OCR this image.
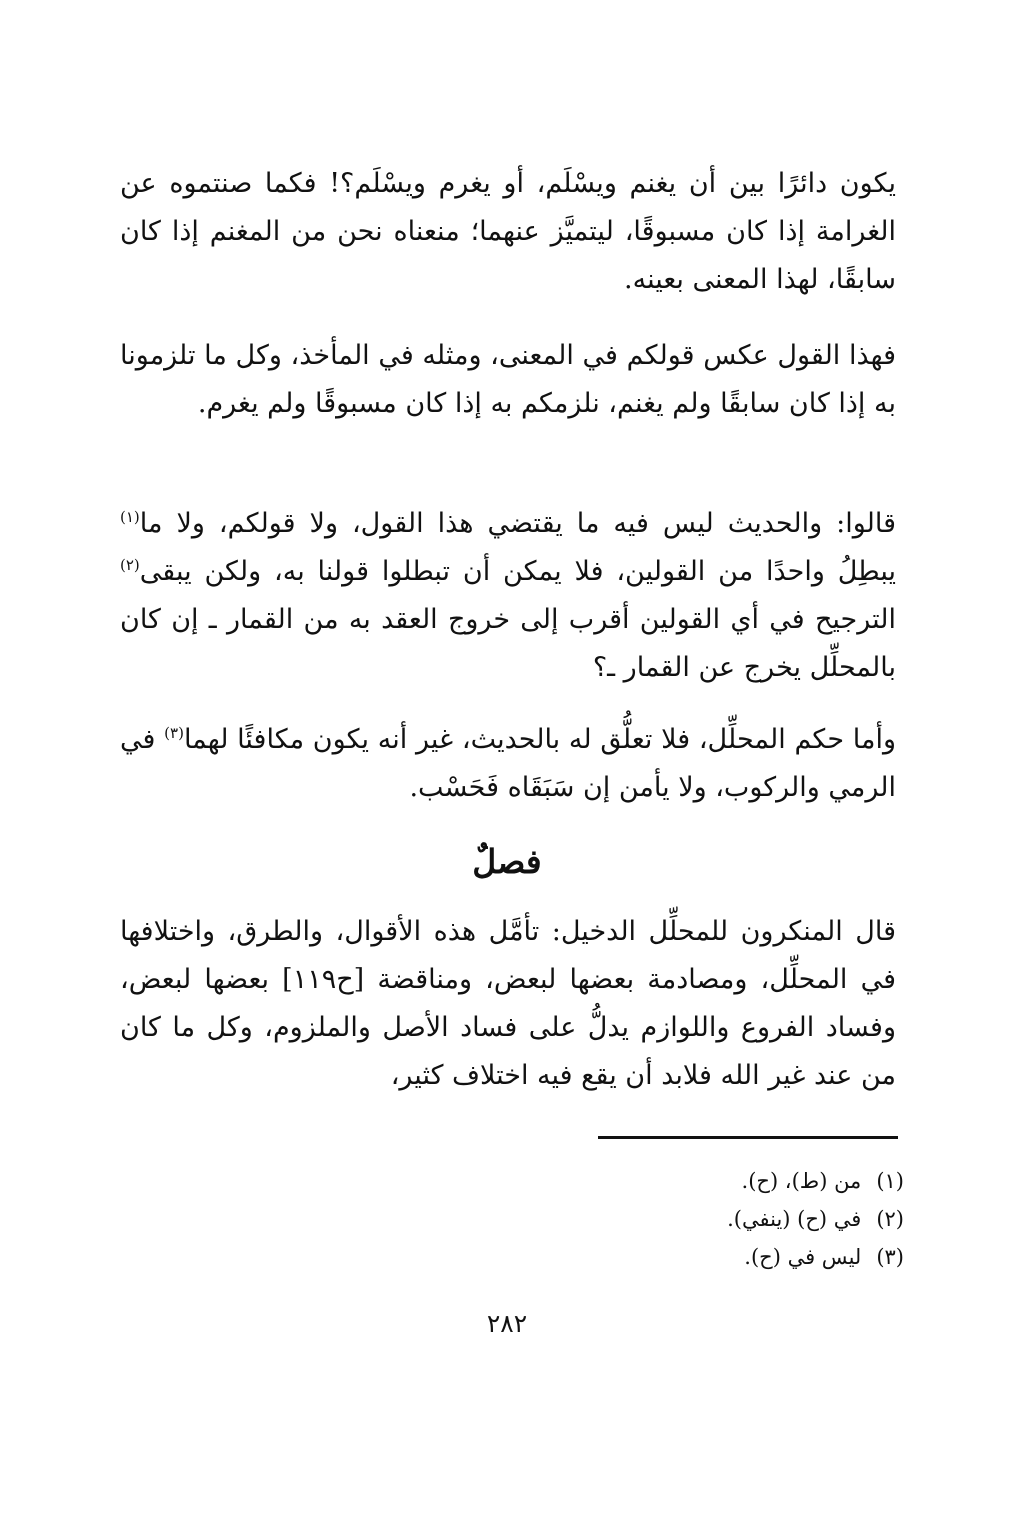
يكون دائرًا بين أن يغنم ويسْلَم، أو يغرم ويسْلَم؟! فكما صنتموه عن الغرامة إذا كان مسبوقًا، ليتميَّز عنهما؛ منعناه نحن من المغنم إذا كان سابقًا، لهذا المعنى بعينه.

فهذا القول عكس قولكم في المعنى، ومثله في المأخذ، وكل ما تلزمونا به إذا كان سابقًا ولم يغنم، نلزمكم به إذا كان مسبوقًا ولم يغرم.

قالوا: والحديث ليس فيه ما يقتضي هذا القول، ولا قولكم، ولا ما$^{(١)}$ يبطِلُ واحدًا من القولين، فلا يمكن أن تبطلوا قولنا به، ولكن يبقى$^{(٢)}$ الترجيح في أي القولين أقرب إلى خروج العقد به من القمار ـ إن كان بالمحلِّل يخرج عن القمار ـ؟

وأما حكم المحلِّل، فلا تعلُّق له بالحديث، غير أنه يكون مكافئًا لهما$^{(٣)}$ في الرمي والركوب، ولا يأمن إن سَبَقَاه فَحَسْب.

فصلٌ

قال المنكرون للمحلِّل الدخيل: تأمَّل هذه الأقوال، والطرق، واختلافها في المحلِّل، ومصادمة بعضها لبعض، ومناقضة [ح١١٩] بعضها لبعض، وفساد الفروع واللوازم يدلُّ على فساد الأصل والملزوم، وكل ما كان من عند غير الله فلابد أن يقع فيه اختلاف كثير،

(١) من (ط)، (ح).
(٢) في (ح) (ينفي).
(٣) ليس في (ح).
٢٨٢
